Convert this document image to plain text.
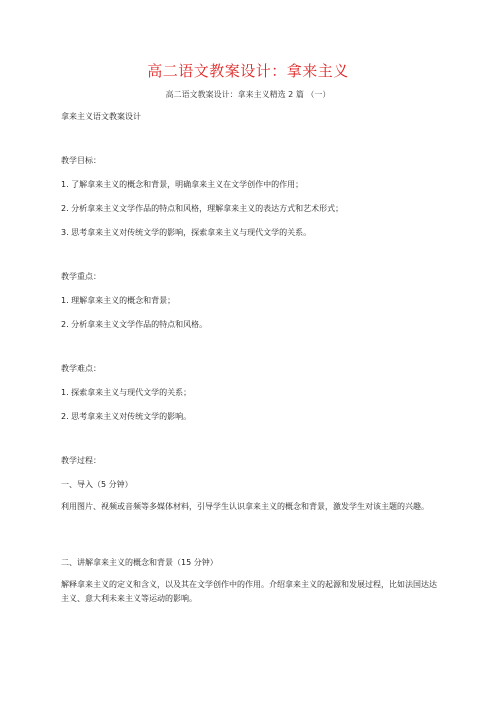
高二语文教案设计：拿来主义
高二语文教案设计：拿来主义精选 2 篇 （一）
拿来主义语文教案设计
教学目标：
1. 了解拿来主义的概念和背景，明确拿来主义在文学创作中的作用；
2. 分析拿来主义文学作品的特点和风格，理解拿来主义的表达方式和艺术形式；
3. 思考拿来主义对传统文学的影响，探索拿来主义与现代文学的关系。
教学重点：
1. 理解拿来主义的概念和背景；
2. 分析拿来主义文学作品的特点和风格。
教学难点：
1. 探索拿来主义与现代文学的关系；
2. 思考拿来主义对传统文学的影响。
教学过程：
一、导入（5 分钟）
利用图片、视频或音频等多媒体材料，引导学生认识拿来主义的概念和背景，激发学生对该主题的兴趣。
二、讲解拿来主义的概念和背景（15 分钟）
解释拿来主义的定义和含义，以及其在文学创作中的作用。介绍拿来主义的起源和发展过程，比如法国达达主义、意大利未来主义等运动的影响。
